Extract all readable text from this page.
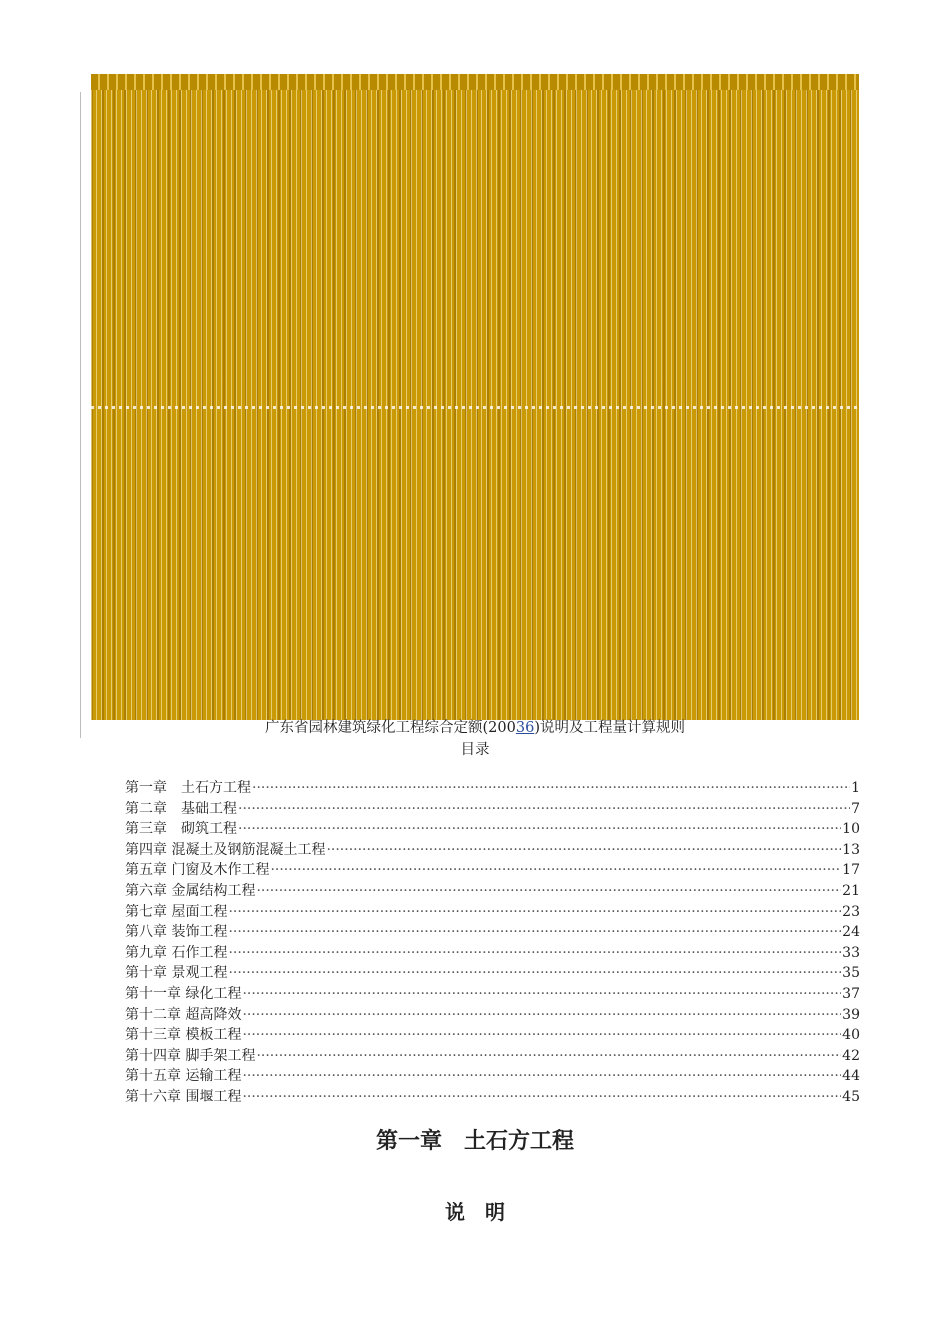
广东省园林建筑绿化工程综合定额(20036)说明及工程量计算规则
目录
第一章　土石方工程 ·····	1
第二章　基础工程 ·····	7
第三章　砌筑工程 ·····	10
第四章 混凝土及钢筋混凝土工程 ·····	13
第五章 门窗及木作工程 ·····	17
第六章 金属结构工程 ·····	21
第七章 屋面工程 ·····	23
第八章 装饰工程 ·····	24
第九章 石作工程 ·····	33
第十章 景观工程 ·····	35
第十一章 绿化工程 ·····	37
第十二章 超高降效 ·····	39
第十三章 模板工程 ·····	40
第十四章 脚手架工程 ·····	42
第十五章 运输工程 ·····	44
第十六章 围堰工程 ·····	45
第一章　土石方工程
说　明
